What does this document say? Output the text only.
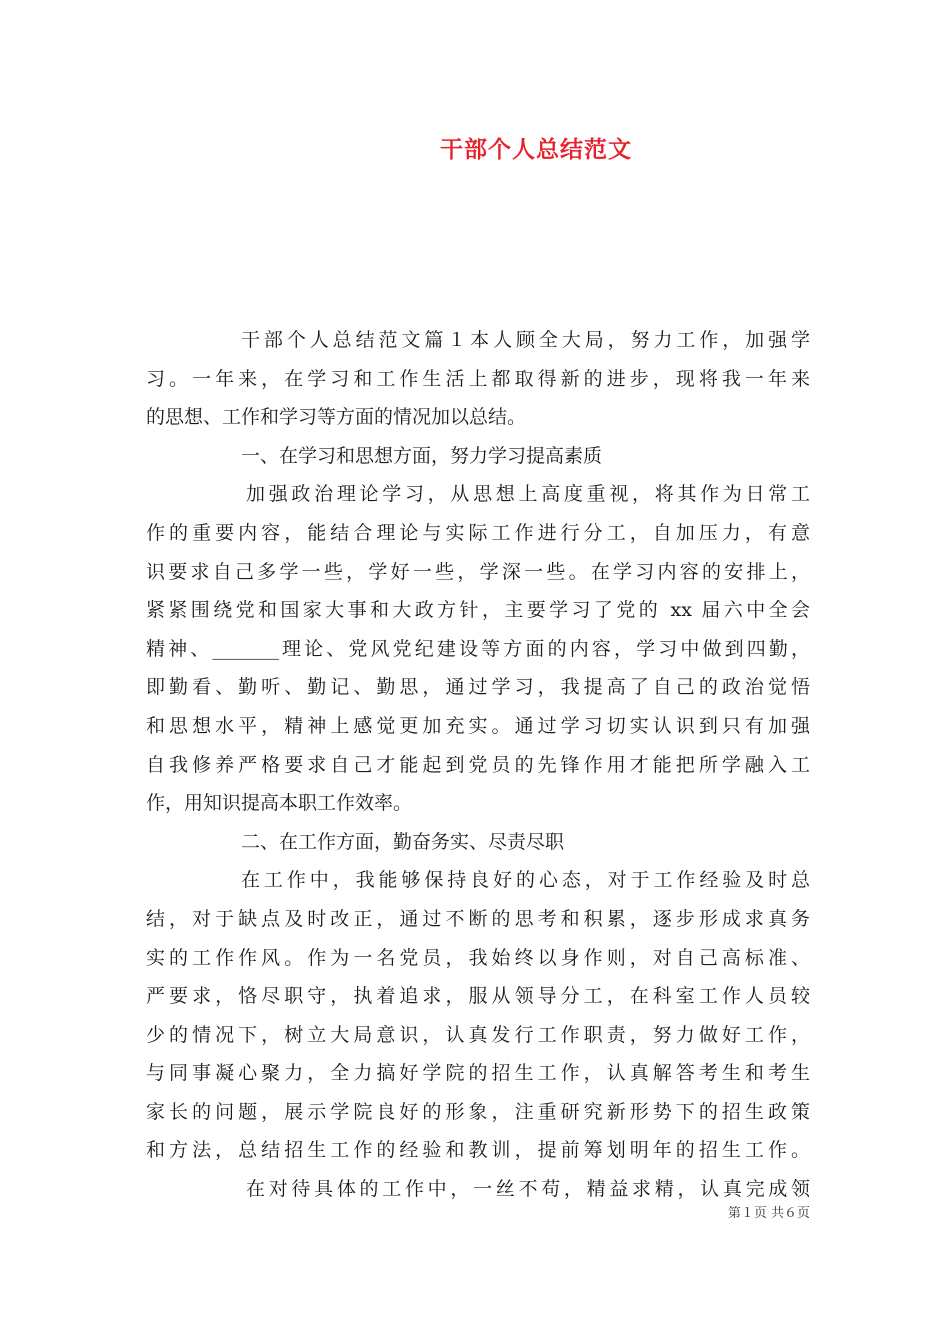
干部个人总结范文
干部个人总结范文篇１本人顾全大局，努力工作，加强学
习。一年来，在学习和工作生活上都取得新的进步，现将我一年来
的思想、工作和学习等方面的情况加以总结。
一、在学习和思想方面，努力学习提高素质
加强政治理论学习，从思想上高度重视，将其作为日常工
作的重要内容，能结合理论与实际工作进行分工，自加压力，有意
识要求自己多学一些，学好一些，学深一些。在学习内容的安排上，
紧紧围绕党和国家大事和大政方针，主要学习了党的 xx 届六中全会
精神、_______理论、党风党纪建设等方面的内容，学习中做到四勤，
即勤看、勤听、勤记、勤思，通过学习，我提高了自己的政治觉悟
和思想水平，精神上感觉更加充实。通过学习切实认识到只有加强
自我修养严格要求自己才能起到党员的先锋作用才能把所学融入工
作，用知识提高本职工作效率。
二、在工作方面，勤奋务实、尽责尽职
在工作中，我能够保持良好的心态，对于工作经验及时总
结，对于缺点及时改正，通过不断的思考和积累，逐步形成求真务
实的工作作风。作为一名党员，我始终以身作则，对自己高标准、
严要求，恪尽职守，执着追求，服从领导分工，在科室工作人员较
少的情况下，树立大局意识，认真发行工作职责，努力做好工作，
与同事凝心聚力，全力搞好学院的招生工作，认真解答考生和考生
家长的问题，展示学院良好的形象，注重研究新形势下的招生政策
和方法，总结招生工作的经验和教训，提前筹划明年的招生工作。
在对待具体的工作中，一丝不苟，精益求精，认真完成领
第１页 共６页
